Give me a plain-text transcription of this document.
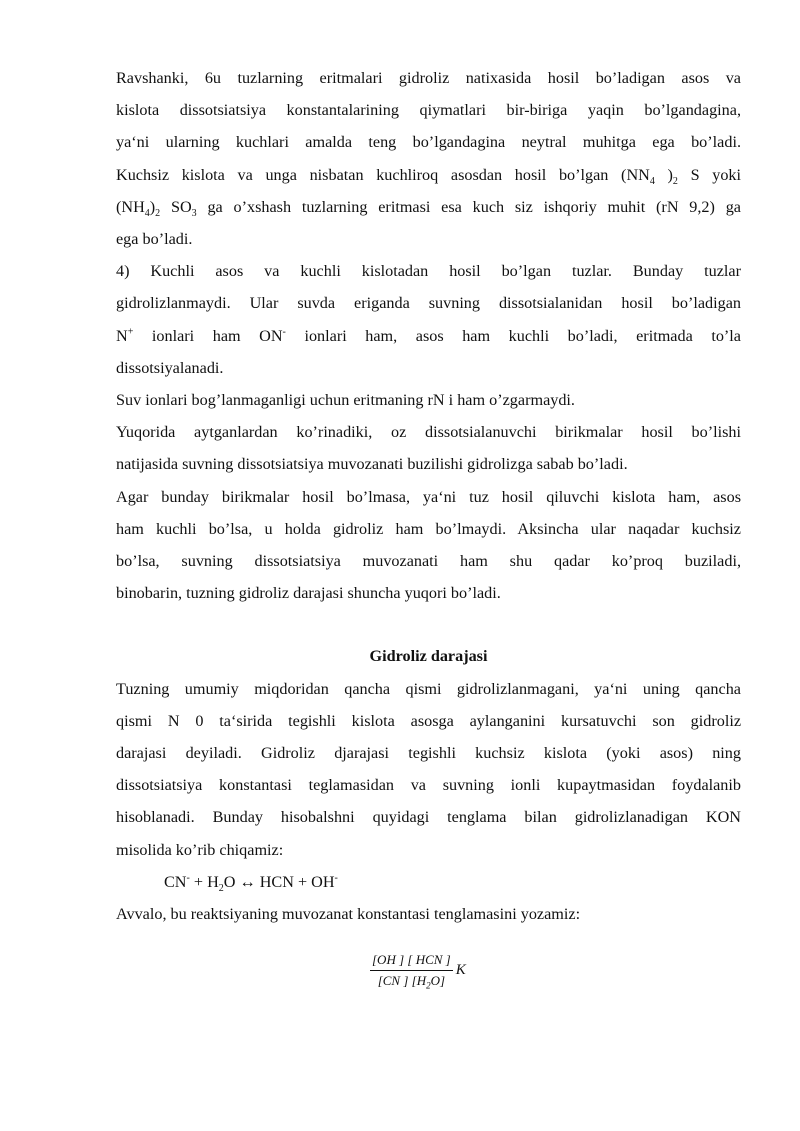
Ravshanki, 6u tuzlarning eritmalari gidroliz natixasida hosil bo’ladigan asos va

kislota dissotsiatsiya konstantalarining qiymatlari bir-biriga yaqin bo’lgandagina,

ya‘ni ularning kuchlari amalda teng bo’lgandagina neytral muhitga ega bo’ladi.

Kuchsiz kislota va unga nisbatan kuchliroq asosdan hosil bo’lgan ($NN_4$ )$_2$ S yoki

$(NH_4)_2$ $SO_3$ ga o’xshash tuzlarning eritmasi esa kuch siz ishqoriy muhit (rN 9,2) ga

ega bo’ladi.

4) Kuchli asos va kuchli kislotadan hosil bo’lgan tuzlar. Bunday tuzlar

gidrolizlanmaydi. Ular suvda eriganda suvning dissotsialanidan hosil bo’ladigan

N+ ionlari ham ON- ionlari ham, asos ham kuchli bo’ladi, eritmada to’la

dissotsiyalanadi.

Suv ionlari bog’lanmaganligi uchun eritmaning rN i ham o’zgarmaydi.

Yuqorida aytganlardan ko’rinadiki, oz dissotsialanuvchi birikmalar hosil bo’lishi

natijasida suvning dissotsiatsiya muvozanati buzilishi gidrolizga sabab bo’ladi.

Agar bunday birikmalar hosil bo’lmasa, ya‘ni tuz hosil qiluvchi kislota ham, asos

ham kuchli bo’lsa, u holda gidroliz ham bo’lmaydi. Aksincha ular naqadar kuchsiz

bo’lsa, suvning dissotsiatsiya muvozanati ham shu qadar ko’proq buziladi,

binobarin, tuzning gidroliz darajasi shuncha yuqori bo’ladi.

Gidroliz darajasi

Tuzning umumiy miqdoridan qancha qismi gidrolizlanmagani, ya‘ni uning qancha

qismi N 0 ta‘sirida tegishli kislota asosga aylanganini kursatuvchi son gidroliz

darajasi deyiladi. Gidroliz djarajasi tegishli kuchsiz kislota (yoki asos) ning

dissotsiatsiya konstantasi teglamasidan va suvning ionli kupaytmasidan foydalanib

hisoblanadi. Bunday hisobalshni quyidagi tenglama bilan gidrolizlanadigan KON

misolida ko’rib chiqamiz:

$CN^- + H_2O$ ↔ HCN + OH-

Avvalo, bu reaktsiyaning muvozanat konstantasi tenglamasini yozamiz:

$\frac{\text{[OH ] [ HCN ]}}{[CN ] [H_2O]}$ K
